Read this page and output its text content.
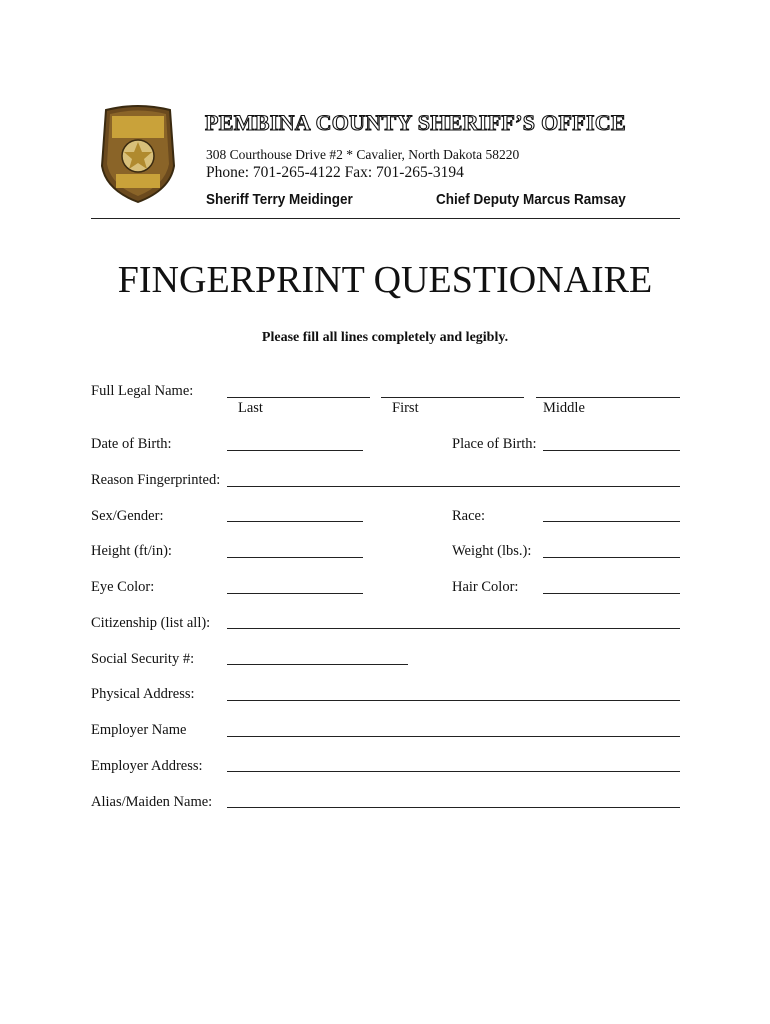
PEMBINA COUNTY SHERIFF’S OFFICE
308 Courthouse Drive #2 * Cavalier, North Dakota 58220
Phone: 701-265-4122 Fax: 701-265-3194
Sheriff Terry Meidinger	Chief Deputy Marcus Ramsay
FINGERPRINT QUESTIONAIRE
Please fill all lines completely and legibly.
Full Legal Name:
Last	First	Middle
Date of Birth:	Place of Birth:
Reason Fingerprinted:
Sex/Gender:	Race:
Height (ft/in):	Weight (lbs.):
Eye Color:	Hair Color:
Citizenship (list all):
Social Security #:
Physical Address:
Employer Name
Employer Address:
Alias/Maiden Name:
